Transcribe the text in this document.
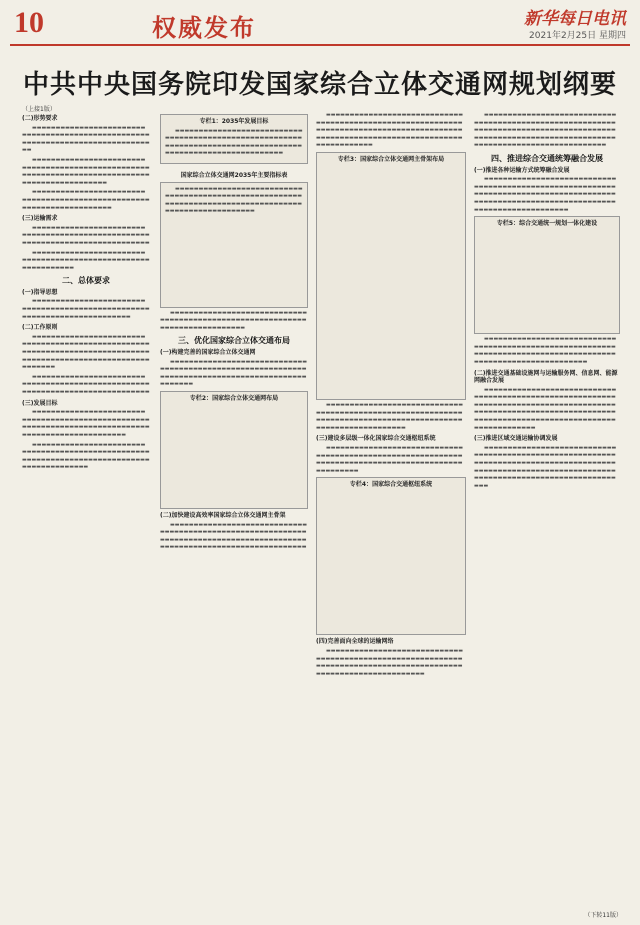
10	权威发布	新华每日电讯
2021年2月25日 星期四
中共中央国务院印发国家综合立体交通网规划纲要
（上接1版）
(二)形势要求

▬▬▬▬▬▬▬▬▬▬▬▬▬▬▬▬▬▬▬▬▬▬▬▬▬▬▬▬▬▬▬▬▬▬▬▬▬▬▬▬▬▬▬▬▬▬▬▬▬▬▬▬▬▬▬▬▬▬▬▬▬▬▬▬▬▬▬▬▬▬▬▬▬▬▬▬▬▬▬▬

▬▬▬▬▬▬▬▬▬▬▬▬▬▬▬▬▬▬▬▬▬▬▬▬▬▬▬▬▬▬▬▬▬▬▬▬▬▬▬▬▬▬▬▬▬▬▬▬▬▬▬▬▬▬▬▬▬▬▬▬▬▬▬▬▬▬▬▬▬▬▬▬▬▬▬▬▬▬▬▬▬▬▬▬▬▬▬▬▬▬▬▬▬▬▬▬

▬▬▬▬▬▬▬▬▬▬▬▬▬▬▬▬▬▬▬▬▬▬▬▬▬▬▬▬▬▬▬▬▬▬▬▬▬▬▬▬▬▬▬▬▬▬▬▬▬▬▬▬▬▬▬▬▬▬▬▬▬▬▬▬▬▬▬▬▬▬

(三)运输需求

▬▬▬▬▬▬▬▬▬▬▬▬▬▬▬▬▬▬▬▬▬▬▬▬▬▬▬▬▬▬▬▬▬▬▬▬▬▬▬▬▬▬▬▬▬▬▬▬▬▬▬▬▬▬▬▬▬▬▬▬▬▬▬▬▬▬▬▬▬▬▬▬▬▬▬▬▬▬

▬▬▬▬▬▬▬▬▬▬▬▬▬▬▬▬▬▬▬▬▬▬▬▬▬▬▬▬▬▬▬▬▬▬▬▬▬▬▬▬▬▬▬▬▬▬▬▬▬▬▬▬▬▬▬▬▬▬▬▬▬▬

二、总体要求
(一)指导思想

▬▬▬▬▬▬▬▬▬▬▬▬▬▬▬▬▬▬▬▬▬▬▬▬▬▬▬▬▬▬▬▬▬▬▬▬▬▬▬▬▬▬▬▬▬▬▬▬▬▬▬▬▬▬▬▬▬▬▬▬▬▬▬▬▬▬▬▬▬▬▬▬▬▬

(二)工作原则

▬▬▬▬▬▬▬▬▬▬▬▬▬▬▬▬▬▬▬▬▬▬▬▬▬▬▬▬▬▬▬▬▬▬▬▬▬▬▬▬▬▬▬▬▬▬▬▬▬▬▬▬▬▬▬▬▬▬▬▬▬▬▬▬▬▬▬▬▬▬▬▬▬▬▬▬▬▬▬▬▬▬▬▬▬▬▬▬▬▬▬▬▬▬▬▬▬▬▬▬▬▬▬▬▬▬▬▬▬▬▬▬

▬▬▬▬▬▬▬▬▬▬▬▬▬▬▬▬▬▬▬▬▬▬▬▬▬▬▬▬▬▬▬▬▬▬▬▬▬▬▬▬▬▬▬▬▬▬▬▬▬▬▬▬▬▬▬▬▬▬▬▬▬▬▬▬▬▬▬▬▬▬▬▬▬▬▬▬▬▬

(三)发展目标

▬▬▬▬▬▬▬▬▬▬▬▬▬▬▬▬▬▬▬▬▬▬▬▬▬▬▬▬▬▬▬▬▬▬▬▬▬▬▬▬▬▬▬▬▬▬▬▬▬▬▬▬▬▬▬▬▬▬▬▬▬▬▬▬▬▬▬▬▬▬▬▬▬▬▬▬▬▬▬▬▬▬▬▬▬▬▬▬▬▬▬▬▬▬▬▬▬▬▬▬

▬▬▬▬▬▬▬▬▬▬▬▬▬▬▬▬▬▬▬▬▬▬▬▬▬▬▬▬▬▬▬▬▬▬▬▬▬▬▬▬▬▬▬▬▬▬▬▬▬▬▬▬▬▬▬▬▬▬▬▬▬▬▬▬▬▬▬▬▬▬▬▬▬▬▬▬▬▬▬▬▬▬▬▬▬▬▬▬▬▬▬▬

专栏1：2035年发展目标

▬▬▬▬▬▬▬▬▬▬▬▬▬▬▬▬▬▬▬▬▬▬▬▬▬▬▬▬▬▬▬▬▬▬▬▬▬▬▬▬▬▬▬▬▬▬▬▬▬▬▬▬▬▬▬▬▬▬▬▬▬▬▬▬▬▬▬▬▬▬▬▬▬▬▬▬▬▬▬▬▬▬▬▬▬▬▬▬▬▬▬▬▬▬▬▬▬▬▬▬▬▬▬▬▬▬▬▬▬▬

国家综合立体交通网2035年主要指标表

▬▬▬▬▬▬▬▬▬▬▬▬▬▬▬▬▬▬▬▬▬▬▬▬▬▬▬▬▬▬▬▬▬▬▬▬▬▬▬▬▬▬▬▬▬▬▬▬▬▬▬▬▬▬▬▬▬▬▬▬▬▬▬▬▬▬▬▬▬▬▬▬▬▬▬▬▬▬▬▬▬▬▬▬▬▬▬▬▬▬▬▬▬▬▬▬▬▬▬▬▬▬▬▬

▬▬▬▬▬▬▬▬▬▬▬▬▬▬▬▬▬▬▬▬▬▬▬▬▬▬▬▬▬▬▬▬▬▬▬▬▬▬▬▬▬▬▬▬▬▬▬▬▬▬▬▬▬▬▬▬▬▬▬▬▬▬▬▬▬▬▬▬▬▬▬▬▬▬▬▬▬▬

三、优化国家综合立体交通布局
(一)构建完善的国家综合立体交通网

▬▬▬▬▬▬▬▬▬▬▬▬▬▬▬▬▬▬▬▬▬▬▬▬▬▬▬▬▬▬▬▬▬▬▬▬▬▬▬▬▬▬▬▬▬▬▬▬▬▬▬▬▬▬▬▬▬▬▬▬▬▬▬▬▬▬▬▬▬▬▬▬▬▬▬▬▬▬▬▬▬▬▬▬▬▬▬▬▬▬▬▬▬▬▬▬▬▬

专栏2：国家综合立体交通网布局
(二)加快建设高效率国家综合立体交通网主骨架

▬▬▬▬▬▬▬▬▬▬▬▬▬▬▬▬▬▬▬▬▬▬▬▬▬▬▬▬▬▬▬▬▬▬▬▬▬▬▬▬▬▬▬▬▬▬▬▬▬▬▬▬▬▬▬▬▬▬▬▬▬▬▬▬▬▬▬▬▬▬▬▬▬▬▬▬▬▬▬▬▬▬▬▬▬▬▬▬▬▬▬▬▬▬▬▬▬▬▬▬▬▬▬▬▬▬▬▬▬▬▬▬▬▬▬▬▬▬▬▬▬▬

▬▬▬▬▬▬▬▬▬▬▬▬▬▬▬▬▬▬▬▬▬▬▬▬▬▬▬▬▬▬▬▬▬▬▬▬▬▬▬▬▬▬▬▬▬▬▬▬▬▬▬▬▬▬▬▬▬▬▬▬▬▬▬▬▬▬▬▬▬▬▬▬▬▬▬▬▬▬▬▬▬▬▬▬▬▬▬▬▬▬▬▬▬▬▬▬▬▬▬▬▬▬▬▬▬▬▬▬▬▬▬▬▬▬▬▬▬▬▬▬▬▬▬▬▬▬▬▬▬▬▬▬▬▬

专栏3：国家综合立体交通网主骨架布局

▬▬▬▬▬▬▬▬▬▬▬▬▬▬▬▬▬▬▬▬▬▬▬▬▬▬▬▬▬▬▬▬▬▬▬▬▬▬▬▬▬▬▬▬▬▬▬▬▬▬▬▬▬▬▬▬▬▬▬▬▬▬▬▬▬▬▬▬▬▬▬▬▬▬▬▬▬▬▬▬▬▬▬▬▬▬▬▬▬▬▬▬▬▬▬▬▬▬▬▬▬▬▬▬▬▬▬▬▬▬

(三)建设多层级一体化国家综合交通枢纽系统

▬▬▬▬▬▬▬▬▬▬▬▬▬▬▬▬▬▬▬▬▬▬▬▬▬▬▬▬▬▬▬▬▬▬▬▬▬▬▬▬▬▬▬▬▬▬▬▬▬▬▬▬▬▬▬▬▬▬▬▬▬▬▬▬▬▬▬▬▬▬▬▬▬▬▬▬▬▬▬▬▬▬▬▬▬▬▬▬▬▬▬▬▬▬▬▬▬▬▬▬

专栏4：国家综合交通枢纽系统
(四)完善面向全球的运输网络

▬▬▬▬▬▬▬▬▬▬▬▬▬▬▬▬▬▬▬▬▬▬▬▬▬▬▬▬▬▬▬▬▬▬▬▬▬▬▬▬▬▬▬▬▬▬▬▬▬▬▬▬▬▬▬▬▬▬▬▬▬▬▬▬▬▬▬▬▬▬▬▬▬▬▬▬▬▬▬▬▬▬▬▬▬▬▬▬▬▬▬▬▬▬▬▬▬▬▬▬▬▬▬▬▬▬▬▬▬▬▬▬▬▬

▬▬▬▬▬▬▬▬▬▬▬▬▬▬▬▬▬▬▬▬▬▬▬▬▬▬▬▬▬▬▬▬▬▬▬▬▬▬▬▬▬▬▬▬▬▬▬▬▬▬▬▬▬▬▬▬▬▬▬▬▬▬▬▬▬▬▬▬▬▬▬▬▬▬▬▬▬▬▬▬▬▬▬▬▬▬▬▬▬▬▬▬▬▬▬▬▬▬▬▬▬▬▬▬▬▬▬▬▬▬▬▬▬▬▬▬▬▬▬▬▬▬▬▬▬▬▬▬▬▬▬▬▬▬▬▬▬▬▬▬▬▬▬▬▬▬

四、推进综合交通统筹融合发展
(一)推进各种运输方式统筹融合发展

▬▬▬▬▬▬▬▬▬▬▬▬▬▬▬▬▬▬▬▬▬▬▬▬▬▬▬▬▬▬▬▬▬▬▬▬▬▬▬▬▬▬▬▬▬▬▬▬▬▬▬▬▬▬▬▬▬▬▬▬▬▬▬▬▬▬▬▬▬▬▬▬▬▬▬▬▬▬▬▬▬▬▬▬▬▬▬▬▬▬▬▬▬▬▬▬▬▬▬▬▬▬▬▬▬▬▬▬▬▬▬▬▬▬▬▬▬▬▬▬▬▬▬▬▬▬▬▬▬▬▬▬▬▬▬▬▬▬

专栏5：综合交通统一规划一体化建设

▬▬▬▬▬▬▬▬▬▬▬▬▬▬▬▬▬▬▬▬▬▬▬▬▬▬▬▬▬▬▬▬▬▬▬▬▬▬▬▬▬▬▬▬▬▬▬▬▬▬▬▬▬▬▬▬▬▬▬▬▬▬▬▬▬▬▬▬▬▬▬▬▬▬▬▬▬▬▬▬▬▬▬▬▬▬▬▬▬▬▬▬▬▬▬▬▬▬▬▬▬▬▬▬▬▬▬▬▬▬▬▬

(二)推进交通基础设施网与运输服务网、信息网、能源网融合发展

▬▬▬▬▬▬▬▬▬▬▬▬▬▬▬▬▬▬▬▬▬▬▬▬▬▬▬▬▬▬▬▬▬▬▬▬▬▬▬▬▬▬▬▬▬▬▬▬▬▬▬▬▬▬▬▬▬▬▬▬▬▬▬▬▬▬▬▬▬▬▬▬▬▬▬▬▬▬▬▬▬▬▬▬▬▬▬▬▬▬▬▬▬▬▬▬▬▬▬▬▬▬▬▬▬▬▬▬▬▬▬▬▬▬▬▬▬▬▬▬▬▬▬▬▬▬▬▬▬▬▬▬▬▬▬▬▬▬▬▬▬▬▬▬▬▬▬▬▬▬▬▬▬▬▬▬▬▬▬▬▬

(三)推进区域交通运输协调发展

▬▬▬▬▬▬▬▬▬▬▬▬▬▬▬▬▬▬▬▬▬▬▬▬▬▬▬▬▬▬▬▬▬▬▬▬▬▬▬▬▬▬▬▬▬▬▬▬▬▬▬▬▬▬▬▬▬▬▬▬▬▬▬▬▬▬▬▬▬▬▬▬▬▬▬▬▬▬▬▬▬▬▬▬▬▬▬▬▬▬▬▬▬▬▬▬▬▬▬▬▬▬▬▬▬▬▬▬▬▬▬▬▬▬▬▬▬▬▬▬▬▬▬▬▬▬▬▬▬▬▬▬▬▬▬▬▬▬▬▬▬▬▬▬▬▬▬▬▬▬▬

（下转11版）
